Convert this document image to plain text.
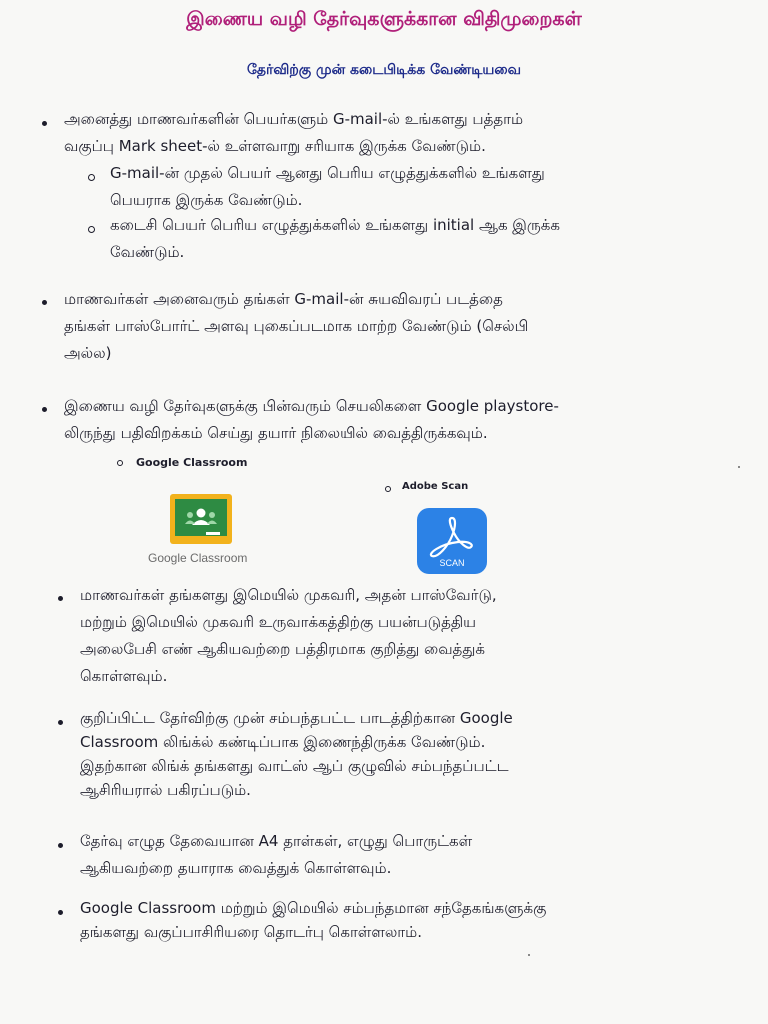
இணைய வழி தேர்வுகளுக்கான விதிமுறைகள்
தேர்விற்கு முன் கடைபிடிக்க வேண்டியவை
அனைத்து மாணவர்களின் பெயர்களும் G-mail-ல் உங்களது பத்தாம்
வகுப்பு Mark sheet-ல் உள்ளவாறு சரியாக இருக்க வேண்டும்.
G-mail-ன் முதல் பெயர் ஆனது பெரிய எழுத்துக்களில் உங்களது
பெயராக இருக்க வேண்டும்.
கடைசி பெயர் பெரிய எழுத்துக்களில் உங்களது initial ஆக இருக்க
வேண்டும்.
மாணவர்கள் அனைவரும் தங்கள் G-mail-ன் சுயவிவரப் படத்தை
தங்கள் பாஸ்போர்ட் அளவு புகைப்படமாக மாற்ற வேண்டும் (செல்பி
அல்ல)
இணைய வழி தேர்வுகளுக்கு பின்வரும் செயலிகளை Google playstore-
லிருந்து பதிவிறக்கம் செய்து தயார் நிலையில் வைத்திருக்கவும்.
Google Classroom
Google Classroom
Adobe Scan
SCAN
மாணவர்கள் தங்களது இமெயில் முகவரி, அதன் பாஸ்வேர்டு,
மற்றும் இமெயில் முகவரி உருவாக்கத்திற்கு பயன்படுத்திய
அலைபேசி எண் ஆகியவற்றை பத்திரமாக குறித்து வைத்துக்
கொள்ளவும்.
குறிப்பிட்ட தேர்விற்கு முன் சம்பந்தபட்ட பாடத்திற்கான Google
Classroom லிங்க்ல் கண்டிப்பாக இணைந்திருக்க வேண்டும்.
இதற்கான லிங்க் தங்களது வாட்ஸ் ஆப் குழுவில் சம்பந்தப்பட்ட
ஆசிரியரால் பகிரப்படும்.
தேர்வு எழுத தேவையான A4 தாள்கள், எழுது பொருட்கள்
ஆகியவற்றை தயாராக வைத்துக் கொள்ளவும்.
Google Classroom மற்றும் இமெயில் சம்பந்தமான சந்தேகங்களுக்கு
தங்களது வகுப்பாசிரியரை தொடர்பு கொள்ளலாம்.
